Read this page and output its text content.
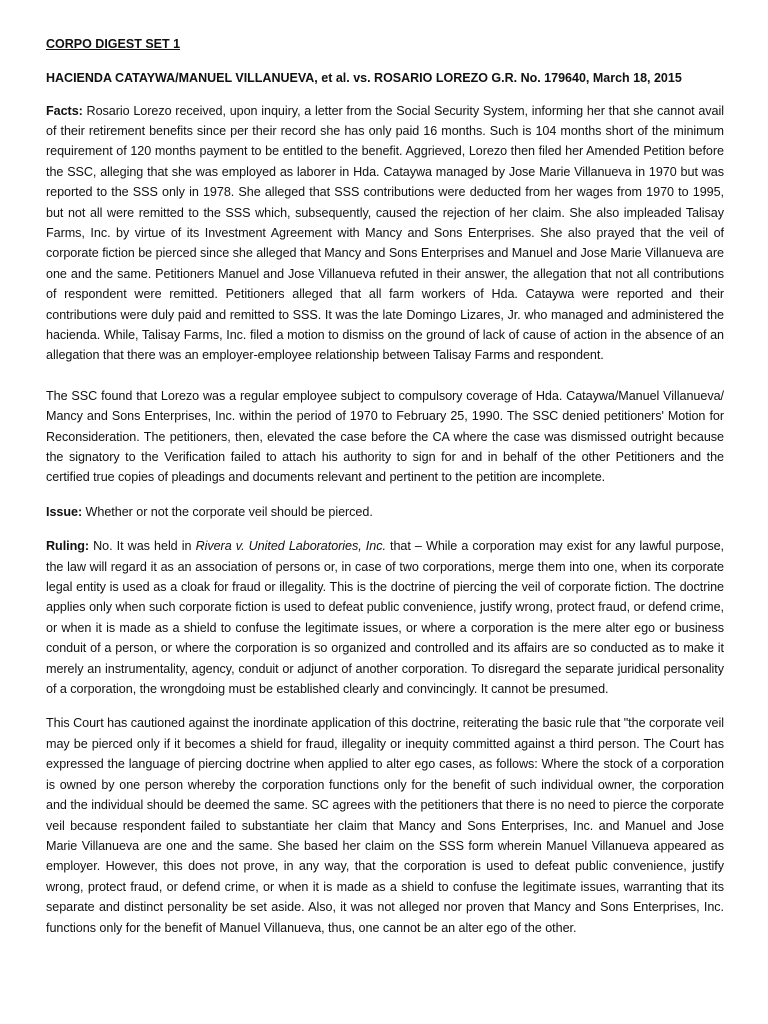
CORPO DIGEST SET 1
HACIENDA CATAYWA/MANUEL VILLANUEVA, et al. vs. ROSARIO LOREZO G.R. No. 179640, March 18, 2015

Facts: Rosario Lorezo received, upon inquiry, a letter from the Social Security System, informing her that she cannot avail of their retirement benefits since per their record she has only paid 16 months. Such is 104 months short of the minimum requirement of 120 months payment to be entitled to the benefit. Aggrieved, Lorezo then filed her Amended Petition before the SSC, alleging that she was employed as laborer in Hda. Cataywa managed by Jose Marie Villanueva in 1970 but was reported to the SSS only in 1978. She alleged that SSS contributions were deducted from her wages from 1970 to 1995, but not all were remitted to the SSS which, subsequently, caused the rejection of her claim. She also impleaded Talisay Farms, Inc. by virtue of its Investment Agreement with Mancy and Sons Enterprises. She also prayed that the veil of corporate fiction be pierced since she alleged that Mancy and Sons Enterprises and Manuel and Jose Marie Villanueva are one and the same. Petitioners Manuel and Jose Villanueva refuted in their answer, the allegation that not all contributions of respondent were remitted. Petitioners alleged that all farm workers of Hda. Cataywa were reported and their contributions were duly paid and remitted to SSS. It was the late Domingo Lizares, Jr. who managed and administered the hacienda. While, Talisay Farms, Inc. filed a motion to dismiss on the ground of lack of cause of action in the absence of an allegation that there was an employer-employee relationship between Talisay Farms and respondent.

The SSC found that Lorezo was a regular employee subject to compulsory coverage of Hda. Cataywa/Manuel Villanueva/ Mancy and Sons Enterprises, Inc. within the period of 1970 to February 25, 1990. The SSC denied petitioners' Motion for Reconsideration. The petitioners, then, elevated the case before the CA where the case was dismissed outright because the signatory to the Verification failed to attach his authority to sign for and in behalf of the other Petitioners and the certified true copies of pleadings and documents relevant and pertinent to the petition are incomplete.

Issue: Whether or not the corporate veil should be pierced.

Ruling: No. It was held in Rivera v. United Laboratories, Inc. that – While a corporation may exist for any lawful purpose, the law will regard it as an association of persons or, in case of two corporations, merge them into one, when its corporate legal entity is used as a cloak for fraud or illegality. This is the doctrine of piercing the veil of corporate fiction. The doctrine applies only when such corporate fiction is used to defeat public convenience, justify wrong, protect fraud, or defend crime, or when it is made as a shield to confuse the legitimate issues, or where a corporation is the mere alter ego or business conduit of a person, or where the corporation is so organized and controlled and its affairs are so conducted as to make it merely an instrumentality, agency, conduit or adjunct of another corporation. To disregard the separate juridical personality of a corporation, the wrongdoing must be established clearly and convincingly. It cannot be presumed.

This Court has cautioned against the inordinate application of this doctrine, reiterating the basic rule that "the corporate veil may be pierced only if it becomes a shield for fraud, illegality or inequity committed against a third person. The Court has expressed the language of piercing doctrine when applied to alter ego cases, as follows: Where the stock of a corporation is owned by one person whereby the corporation functions only for the benefit of such individual owner, the corporation and the individual should be deemed the same. SC agrees with the petitioners that there is no need to pierce the corporate veil because respondent failed to substantiate her claim that Mancy and Sons Enterprises, Inc. and Manuel and Jose Marie Villanueva are one and the same. She based her claim on the SSS form wherein Manuel Villanueva appeared as employer. However, this does not prove, in any way, that the corporation is used to defeat public convenience, justify wrong, protect fraud, or defend crime, or when it is made as a shield to confuse the legitimate issues, warranting that its separate and distinct personality be set aside. Also, it was not alleged nor proven that Mancy and Sons Enterprises, Inc. functions only for the benefit of Manuel Villanueva, thus, one cannot be an alter ego of the other.
